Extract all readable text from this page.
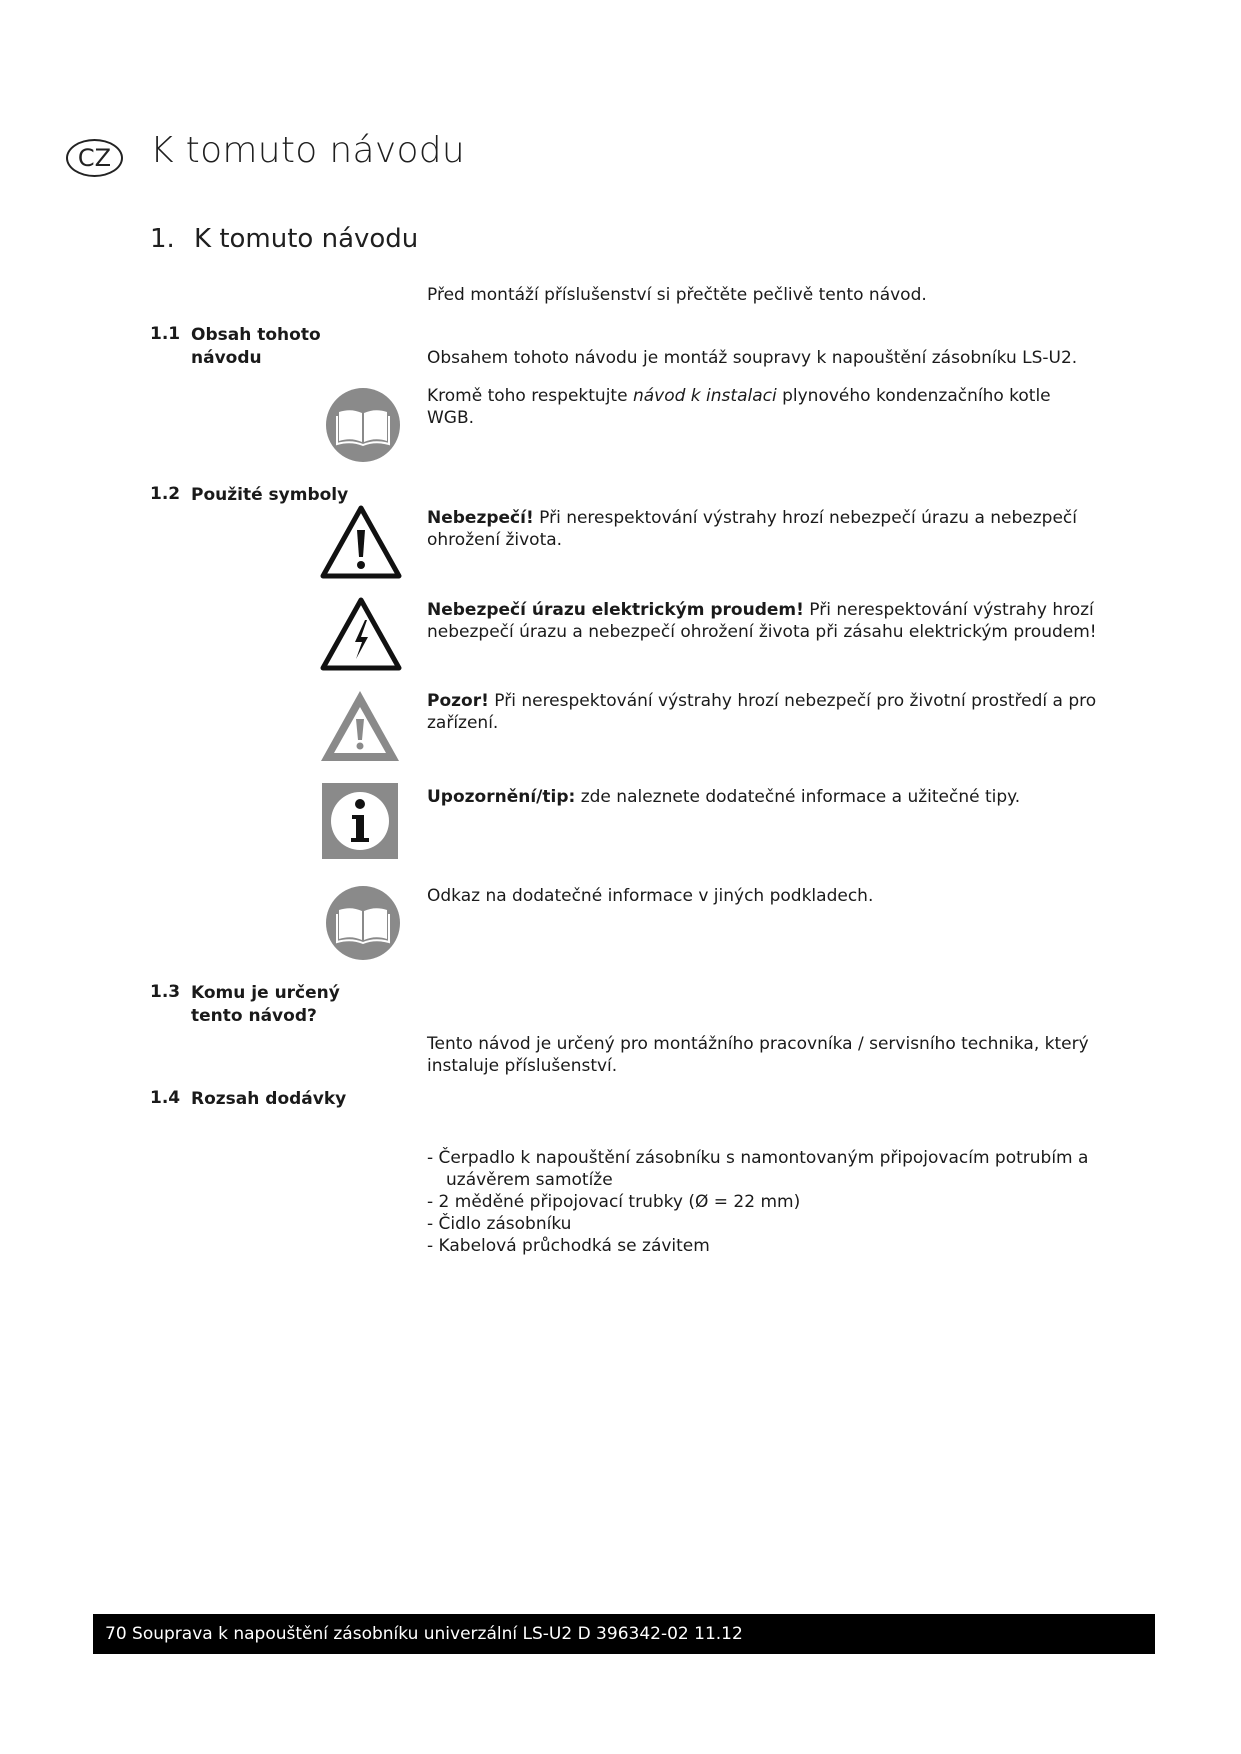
CZ	K tomuto návodu
1. K tomuto návodu
Před montáží příslušenství si přečtěte pečlivě tento návod.
1.1 Obsah tohoto návodu	Obsahem tohoto návodu je montáž soupravy k napouštění zásobníku LS-U2.
Kromě toho respektujte návod k instalaci plynového kondenzačního kotle WGB.
1.2 Použité symboly
Nebezpečí! Při nerespektování výstrahy hrozí nebezpečí úrazu a nebezpečí ohrožení života.
Nebezpečí úrazu elektrickým proudem! Při nerespektování výstrahy hrozí nebezpečí úrazu a nebezpečí ohrožení života při zásahu elektrickým proudem!
Pozor! Při nerespektování výstrahy hrozí nebezpečí pro životní prostředí a pro zařízení.
Upozornění/tip: zde naleznete dodatečné informace a užitečné tipy.
Odkaz na dodatečné informace v jiných podkladech.
1.3 Komu je určený tento návod?
Tento návod je určený pro montážního pracovníka / servisního technika, který instaluje příslušenství.
1.4 Rozsah dodávky
- Čerpadlo k napouštění zásobníku s namontovaným připojovacím potrubím a uzávěrem samotíže
- 2 měděné připojovací trubky (Ø = 22 mm)
- Čidlo zásobníku
- Kabelová průchodká se závitem
70 Souprava k napouštění zásobníku univerzální LS-U2 D 396342-02 11.12
